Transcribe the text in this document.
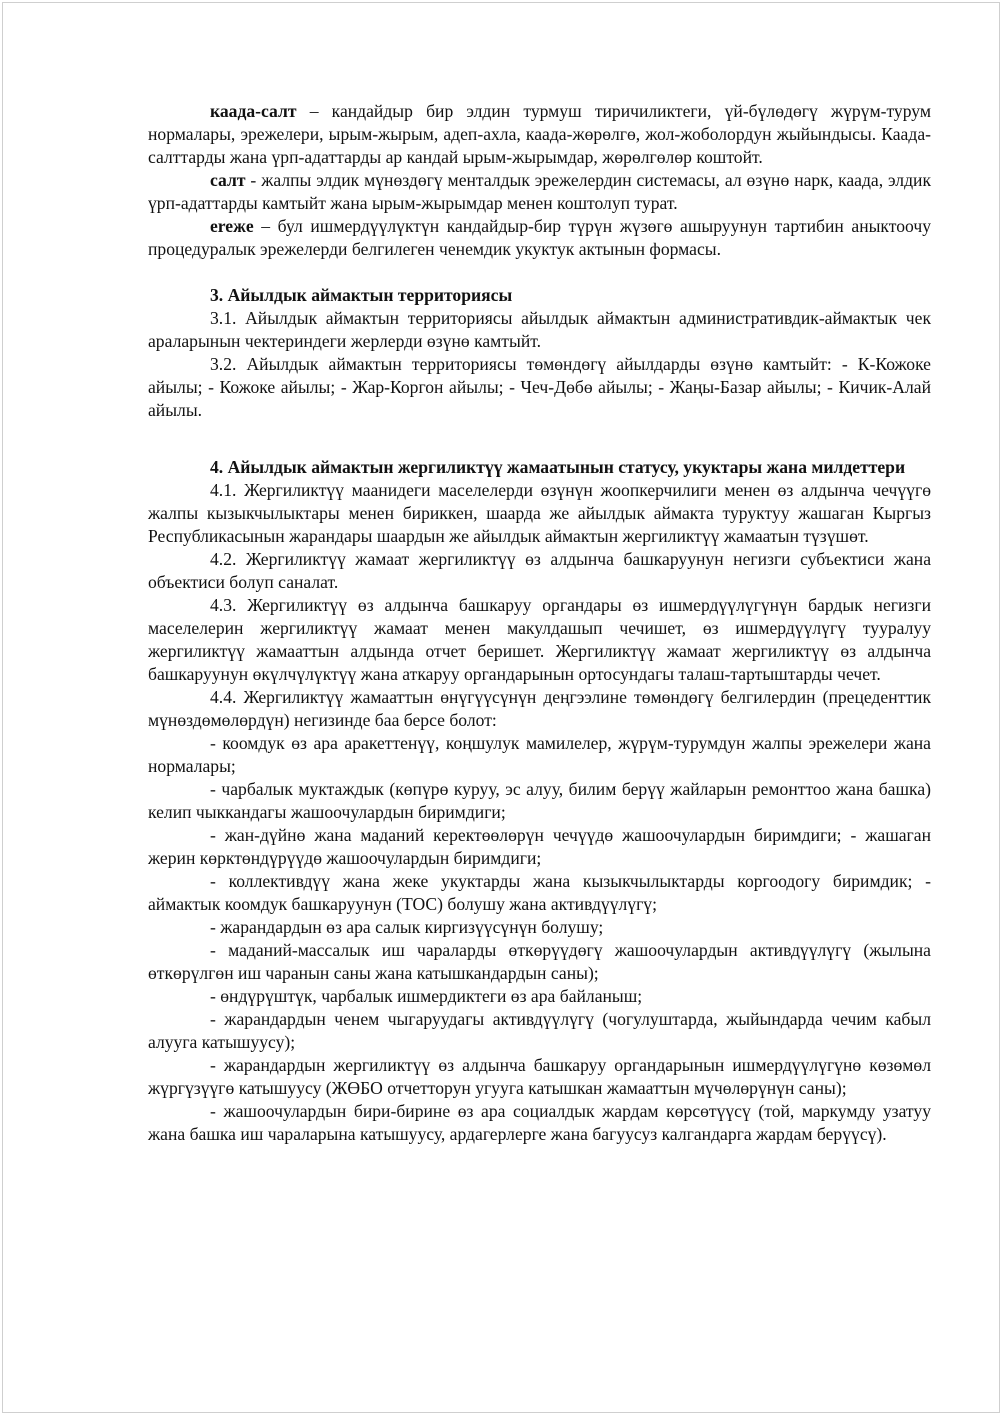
каада-салт – кандайдыр бир элдин турмуш тиричиликтеги, үй-бүлөдөгү жүрүм-турум нормалары, эрежелери, ырым-жырым, адеп-ахла, каада-жөрөлгө, жол-жоболордун жыйындысы. Каада-салттарды жана үрп-адаттарды ар кандай ырым-жырымдар, жөрөлгөлөр коштойт.

салт - жалпы элдик мүнөздөгү менталдык эрежелердин системасы, ал өзүнө нарк, каада, элдик үрп-адаттарды камтыйт жана ырым-жырымдар менен коштолуп турат.

ereжe – бул ишмердүүлүктүн кандайдыр-бир түрүн жүзөгө ашыруунун тартибин аныктоочу процедуралык эрежелерди белгилеген ченемдик укуктук актынын формасы.

3. Айылдык аймактын территориясы

3.1. Айылдык аймактын территориясы айылдык аймактын административдик-аймактык чек араларынын чектериндеги жерлерди өзүнө камтыйт.

3.2. Айылдык аймактын территориясы төмөндөгү айылдарды өзүнө камтыйт: - К-Кожоке айылы; - Кожоке айылы; - Жар-Коргон айылы; - Чеч-Дөбө айылы; - Жаңы-Базар айылы; - Кичик-Алай айылы.

4. Айылдык аймактын жергиликтүү жамаатынын статусу, укуктары жана милдеттери

4.1. Жергиликтүү маанидеги маселелерди өзүнүн жоопкерчилиги менен өз алдынча чечүүгө жалпы кызыкчылыктары менен бириккен, шаарда же айылдык аймакта туруктуу жашаган Кыргыз Республикасынын жарандары шаардын же айылдык аймактын жергиликтүү жамаатын түзүшөт.

4.2. Жергиликтүү жамаат жергиликтүү өз алдынча башкаруунун негизги субъектиси жана объектиси болуп саналат.

4.3. Жергиликтүү өз алдынча башкаруу органдары өз ишмердүүлүгүнүн бардык негизги маселелерин жергиликтүү жамаат менен макулдашып чечишет, өз ишмердүүлүгү тууралуу жергиликтүү жамааттын алдында отчет беришет. Жергиликтүү жамаат жергиликтүү өз алдынча башкаруунун өкүлчүлүктүү жана аткаруу органдарынын ортосундагы талаш-тартыштарды чечет.

4.4. Жергиликтүү жамааттын өнүгүүсүнүн деңгээлине төмөндөгү белгилердин (прецеденттик мүнөздөмөлөрдүн) негизинде баа берсе болот:

- коомдук өз ара аракеттенүү, коңшулук мамилелер, жүрүм-турумдун жалпы эрежелери жана нормалары;

- чарбалык муктаждык (көпүрө куруу, эс алуу, билим берүү жайларын ремонттоо жана башка) келип чыккандагы жашоочулардын биримдиги;

- жан-дүйнө жана маданий керектөөлөрүн чечүүдө жашоочулардын биримдиги; - жашаган жерин көрктөндүрүүдө жашоочулардын биримдиги;

- коллективдүү жана жеке укуктарды жана кызыкчылыктарды коргоодогу биримдик; - аймактык коомдук башкаруунун (ТОС) болушу жана активдүүлүгү;

- жарандардын өз ара салык киргизүүсүнүн болушу;

- маданий-массалык иш чараларды өткөрүүдөгү жашоочулардын активдүүлүгү (жылына өткөрүлгөн иш чаранын саны жана катышкандардын саны);

- өндүрүштүк, чарбалык ишмердиктеги өз ара байланыш;

- жарандардын ченем чыгаруудагы активдүүлүгү (чогулуштарда, жыйындарда чечим кабыл алууга катышуусу);

- жарандардын жергиликтүү өз алдынча башкаруу органдарынын ишмердүүлүгүнө көзөмөл жүргүзүүгө катышуусу (ЖӨБО отчетторун угууга катышкан жамааттын мүчөлөрүнүн саны);

- жашоочулардын бири-бирине өз ара социалдык жардам көрсөтүүсү (той, маркумду узатуу жана башка иш чараларына катышуусу, ардагерлерге жана багуусуз калгандарга жардам берүүсү).
